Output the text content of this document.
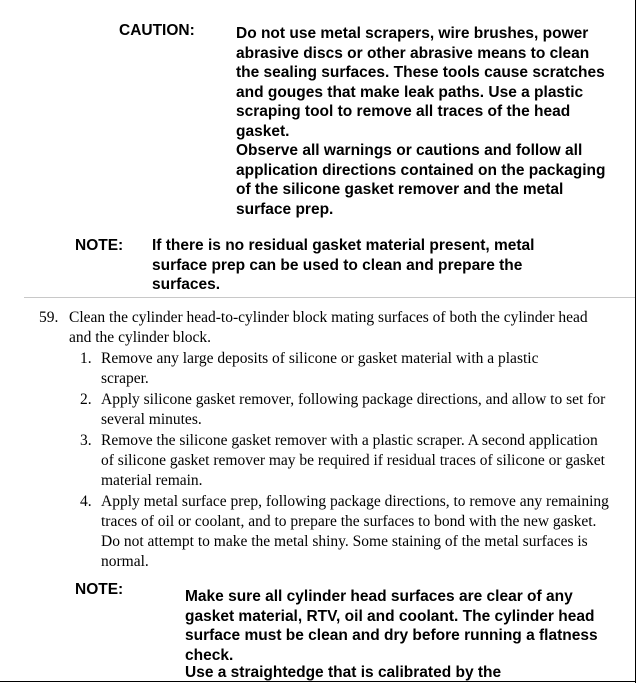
CAUTION:	Do not use metal scrapers, wire brushes, power abrasive discs or other abrasive means to clean the sealing surfaces. These tools cause scratches and gouges that make leak paths. Use a plastic scraping tool to remove all traces of the head gasket.
Observe all warnings or cautions and follow all application directions contained on the packaging of the silicone gasket remover and the metal surface prep.
NOTE: If there is no residual gasket material present, metal surface prep can be used to clean and prepare the surfaces.
59. Clean the cylinder head-to-cylinder block mating surfaces of both the cylinder head and the cylinder block.
1. Remove any large deposits of silicone or gasket material with a plastic scraper.
2. Apply silicone gasket remover, following package directions, and allow to set for several minutes.
3. Remove the silicone gasket remover with a plastic scraper. A second application of silicone gasket remover may be required if residual traces of silicone or gasket material remain.
4. Apply metal surface prep, following package directions, to remove any remaining traces of oil or coolant, and to prepare the surfaces to bond with the new gasket. Do not attempt to make the metal shiny. Some staining of the metal surfaces is normal.
NOTE:	Make sure all cylinder head surfaces are clear of any gasket material, RTV, oil and coolant. The cylinder head surface must be clean and dry before running a flatness check.
Use a straightedge that is calibrated by the
